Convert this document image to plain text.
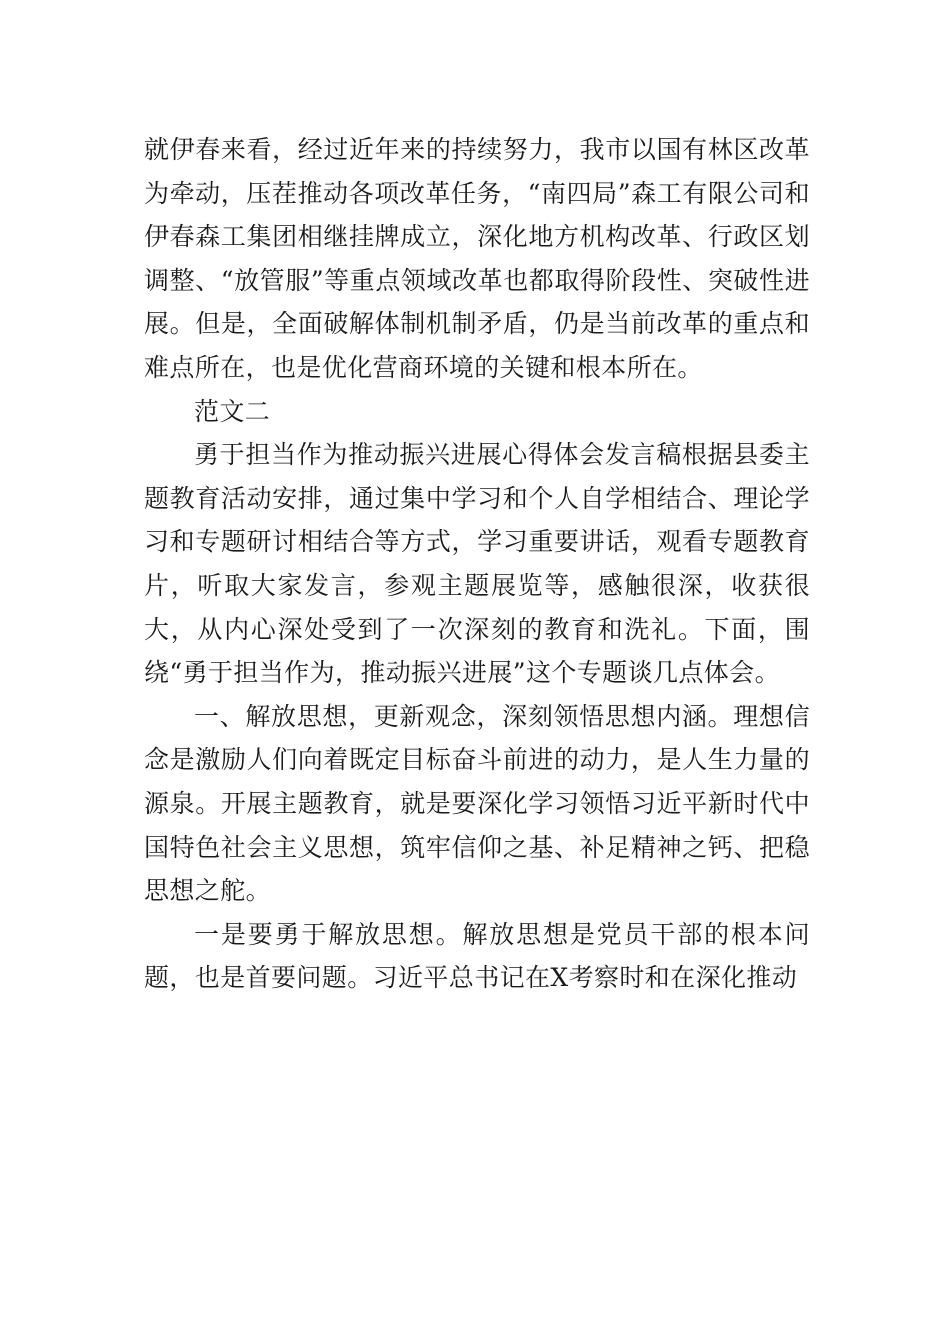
就伊春来看，经过近年来的持续努力，我市以国有林区改革为牵动，压茬推动各项改革任务，“南四局”森工有限公司和伊春森工集团相继挂牌成立，深化地方机构改革、行政区划调整、“放管服”等重点领域改革也都取得阶段性、突破性进展。但是，全面破解体制机制矛盾，仍是当前改革的重点和难点所在，也是优化营商环境的关键和根本所在。

范文二

勇于担当作为推动振兴进展心得体会发言稿根据县委主题教育活动安排，通过集中学习和个人自学相结合、理论学习和专题研讨相结合等方式，学习重要讲话，观看专题教育片，听取大家发言，参观主题展览等，感触很深，收获很大，从内心深处受到了一次深刻的教育和洗礼。下面，围绕“勇于担当作为，推动振兴进展”这个专题谈几点体会。

一、解放思想，更新观念，深刻领悟思想内涵。理想信念是激励人们向着既定目标奋斗前进的动力，是人生力量的源泉。开展主题教育，就是要深化学习领悟习近平新时代中国特色社会主义思想，筑牢信仰之基、补足精神之钙、把稳思想之舵。

一是要勇于解放思想。解放思想是党员干部的根本问题，也是首要问题。习近平总书记在X考察时和在深化推动
